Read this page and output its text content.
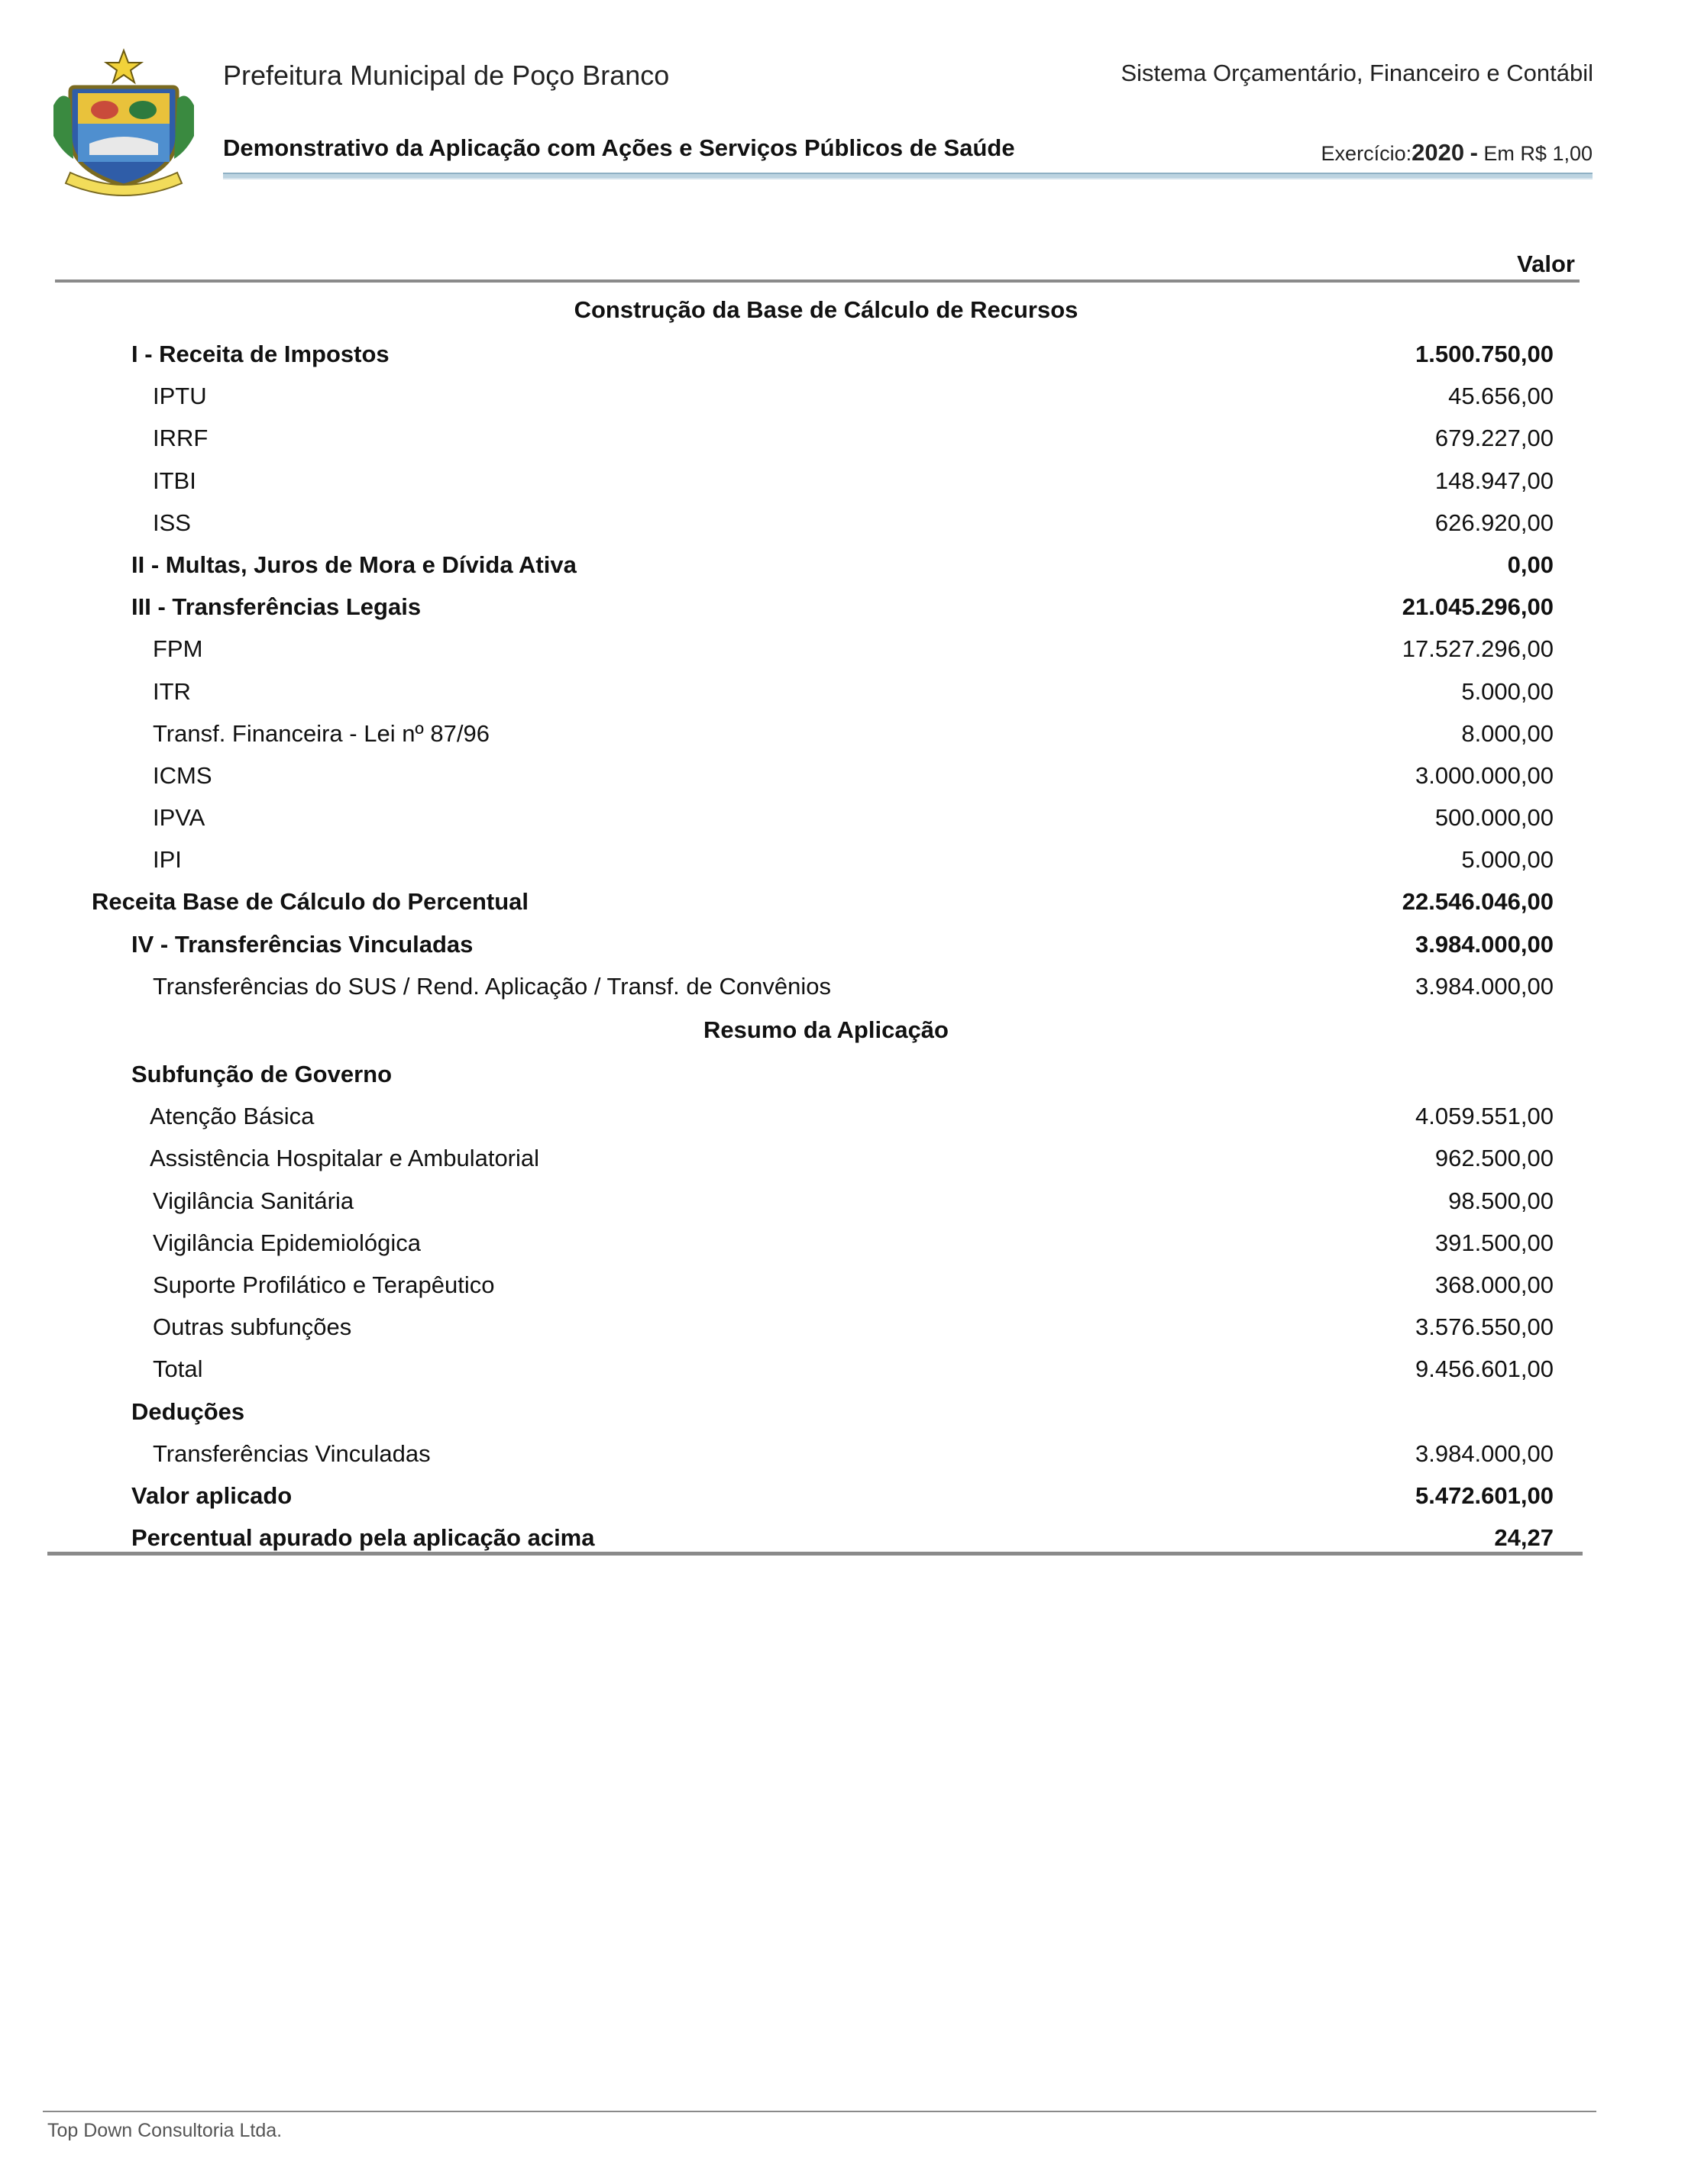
Prefeitura Municipal de Poço Branco	Sistema Orçamentário, Financeiro e Contábil
Demonstrativo da Aplicação com Ações e Serviços Públicos de Saúde	Exercício:2020 - Em R$ 1,00
Valor
Construção da Base de Cálculo de Recursos
I - Receita de Impostos	1.500.750,00
IPTU	45.656,00
IRRF	679.227,00
ITBI	148.947,00
ISS	626.920,00
II - Multas, Juros de Mora e Dívida Ativa	0,00
III - Transferências Legais	21.045.296,00
FPM	17.527.296,00
ITR	5.000,00
Transf. Financeira - Lei nº 87/96	8.000,00
ICMS	3.000.000,00
IPVA	500.000,00
IPI	5.000,00
Receita Base de Cálculo do Percentual	22.546.046,00
IV - Transferências Vinculadas	3.984.000,00
Transferências do SUS / Rend. Aplicação / Transf. de Convênios	3.984.000,00
Resumo da Aplicação
Subfunção de Governo
Atenção Básica	4.059.551,00
Assistência Hospitalar e Ambulatorial	962.500,00
Vigilância Sanitária	98.500,00
Vigilância Epidemiológica	391.500,00
Suporte Profilático e Terapêutico	368.000,00
Outras subfunções	3.576.550,00
Total	9.456.601,00
Deduções
Transferências Vinculadas	3.984.000,00
Valor aplicado	5.472.601,00
Percentual apurado pela aplicação acima	24,27
Top Down Consultoria Ltda.
